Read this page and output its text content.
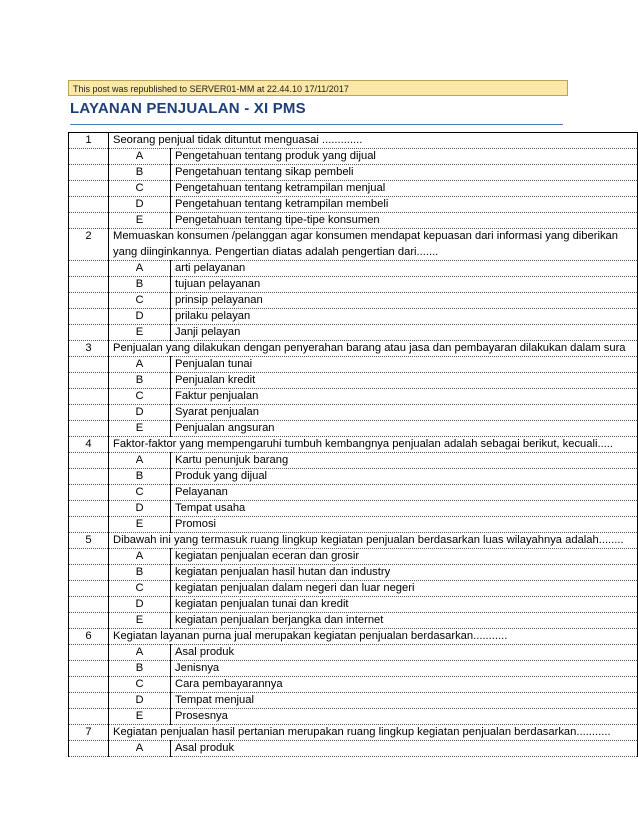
This post was republished to SERVER01-MM at 22.44.10 17/11/2017
LAYANAN PENJUALAN - XI PMS
1	Seorang penjual tidak dituntut menguasai .............	
	A	Pengetahuan tentang produk yang dijual
	B	Pengetahuan tentang sikap pembeli
	C	Pengetahuan tentang ketrampilan menjual
	D	Pengetahuan tentang ketrampilan membeli
	E	Pengetahuan tentang tipe-tipe konsumen
2	Memuaskan konsumen /pelanggan agar konsumen mendapat kepuasan dari informasi yang diberikan yang diinginkannya. Pengertian diatas adalah pengertian dari.......	
	A	arti pelayanan
	B	tujuan pelayanan
	C	prinsip pelayanan
	D	prilaku pelayan
	E	Janji pelayan
3	Penjualan yang dilakukan dengan penyerahan barang atau jasa dan pembayaran dilakukan dalam sura	
	A	Penjualan tunai
	B	Penjualan kredit
	C	Faktur penjualan
	D	Syarat penjualan
	E	Penjualan angsuran
4	Faktor-faktor yang mempengaruhi tumbuh kembangnya penjualan adalah sebagai berikut, kecuali.....	
	A	Kartu penunjuk barang
	B	Produk yang dijual
	C	Pelayanan
	D	Tempat usaha
	E	Promosi
5	Dibawah ini yang termasuk ruang lingkup kegiatan penjualan berdasarkan luas wilayahnya adalah........	
	A	kegiatan penjualan eceran dan grosir
	B	kegiatan penjualan hasil hutan dan industry
	C	kegiatan penjualan dalam negeri dan luar negeri
	D	kegiatan penjualan tunai dan kredit
	E	kegiatan penjualan berjangka dan internet
6	Kegiatan layanan purna jual merupakan kegiatan penjualan berdasarkan...........	
	A	Asal produk
	B	Jenisnya
	C	Cara pembayarannya
	D	Tempat menjual
	E	Prosesnya
7	Kegiatan penjualan hasil pertanian merupakan ruang lingkup kegiatan penjualan berdasarkan...........	
	A	Asal produk
